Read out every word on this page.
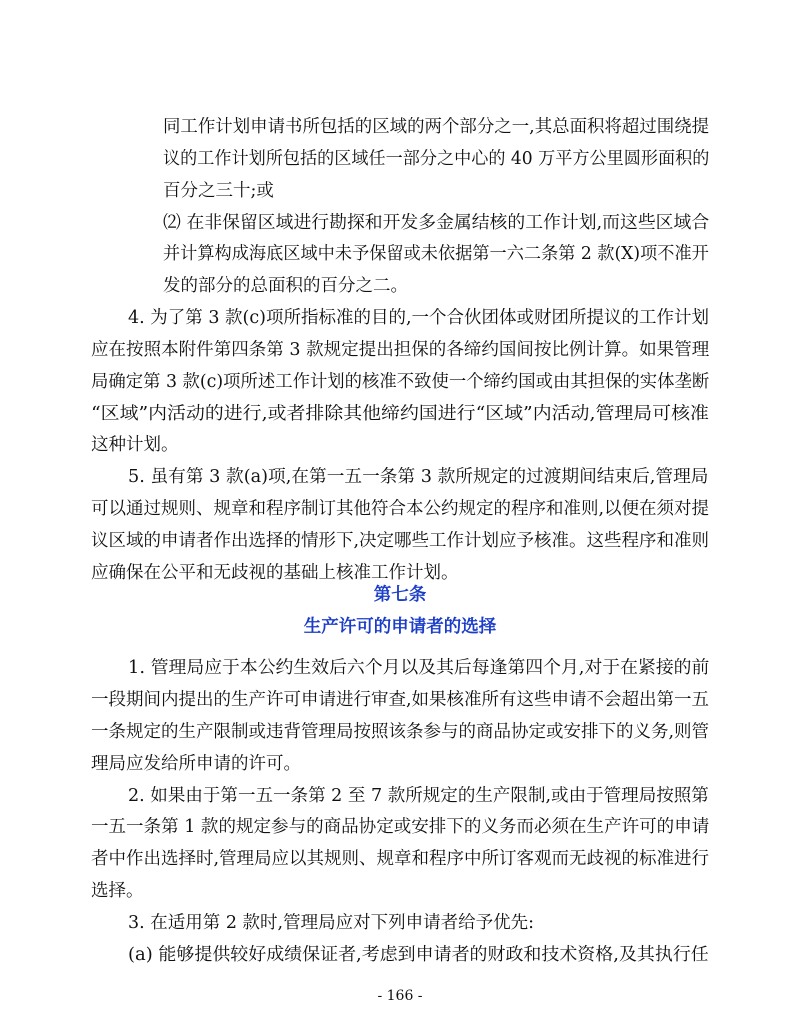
同工作计划申请书所包括的区域的两个部分之一,其总面积将超过围绕提
议的工作计划所包括的区域任一部分之中心的 40 万平方公里圆形面积的
百分之三十;或
⑵ 在非保留区域进行勘探和开发多金属结核的工作计划,而这些区域合
并计算构成海底区域中未予保留或未依据第一六二条第 2 款(X)项不准开
发的部分的总面积的百分之二。
4. 为了第 3 款(c)项所指标准的目的,一个合伙团体或财团所提议的工作计划
应在按照本附件第四条第 3 款规定提出担保的各缔约国间按比例计算。如果管理
局确定第 3 款(c)项所述工作计划的核准不致使一个缔约国或由其担保的实体垄断
“区域”内活动的进行,或者排除其他缔约国进行“区域”内活动,管理局可核准
这种计划。
5. 虽有第 3 款(a)项,在第一五一条第 3 款所规定的过渡期间结束后,管理局
可以通过规则、规章和程序制订其他符合本公约规定的程序和准则,以便在须对提
议区域的申请者作出选择的情形下,决定哪些工作计划应予核准。这些程序和准则
应确保在公平和无歧视的基础上核准工作计划。
第七条
生产许可的申请者的选择
1. 管理局应于本公约生效后六个月以及其后每逢第四个月,对于在紧接的前
一段期间内提出的生产许可申请进行审查,如果核准所有这些申请不会超出第一五
一条规定的生产限制或违背管理局按照该条参与的商品协定或安排下的义务,则管
理局应发给所申请的许可。
2. 如果由于第一五一条第 2 至 7 款所规定的生产限制,或由于管理局按照第
一五一条第 1 款的规定参与的商品协定或安排下的义务而必须在生产许可的申请
者中作出选择时,管理局应以其规则、规章和程序中所订客观而无歧视的标准进行
选择。
3. 在适用第 2 款时,管理局应对下列申请者给予优先:
(a) 能够提供较好成绩保证者,考虑到申请者的财政和技术资格,及其执行任
- 166 -
